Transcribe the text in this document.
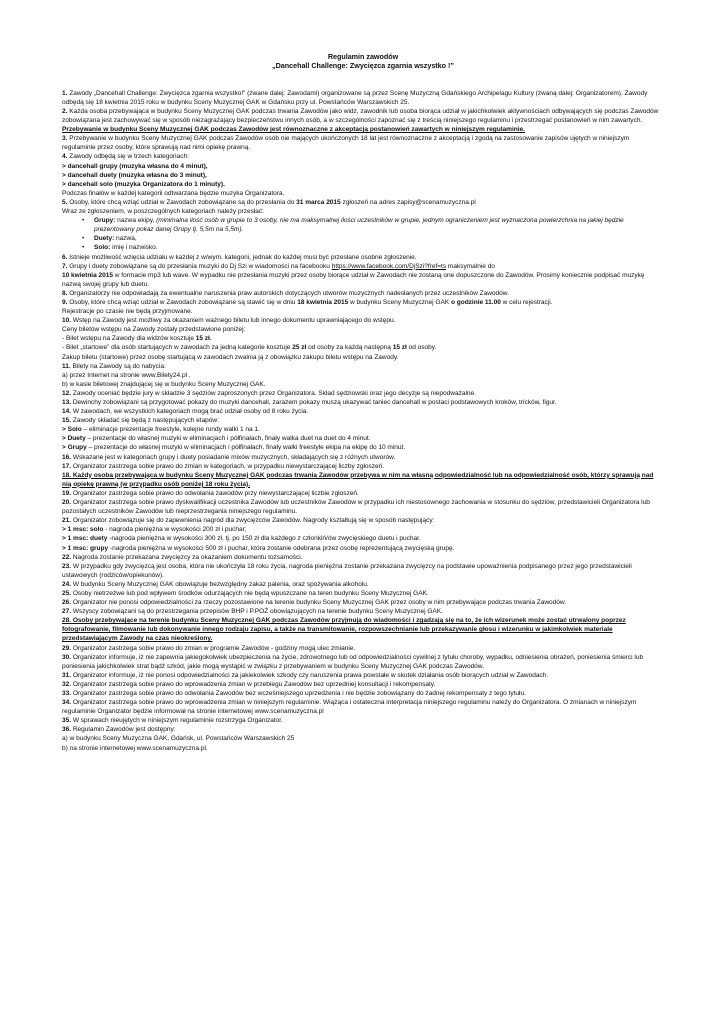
Regulamin zawodów
„Dancehall Challenge: Zwycięzca zgarnia wszystko !”

1. Zawody „Dancehall Challenge: Zwycięzca zgarnia wszystko!” (zwane dalej: Zawodami) organizowane są przez Scenę Muzyczną Gdańskiego Archipelagu Kultury (zwaną dalej: Organizatorem). Zawody odbędą się 18 kwietnia 2015 roku w budynku Sceny Muzycznej GAK w Gdańsku przy ul. Powstańców Warszawskich 25.

2. Każda osoba przebywająca w budynku Sceny Muzycznej GAK podczas trwania Zawodów jako widz, zawodnik lub osoba biorąca udział w jakichkolwiek aktywnościach odbywających się podczas Zawodów zobowiązana jest zachowywać się w sposób niezagrażający bezpieczeństwu innych osób, a w szczególności zapoznać się z treścią niniejszego regulaminu i przestrzegać postanowień w nim zawartych. Przebywanie w budynku Sceny Muzycznej GAK podczas Zawodów jest równoznaczne z akceptacją postanowień zawartych w niniejszym regulaminie.

3. Przebywanie w budynku Sceny Muzycznej GAK podczas Zawodów osób nie mających ukończonych 18 lat jest równoznaczne z akceptacją i zgodą na zastosowanie zapisów ujętych w niniejszym regulaminie przez osoby, które sprawują nad nimi opiekę prawną.

4. Zawody odbędą się w trzech kategoriach:

> dancehall grupy (muzyka własna do 4 minut),

> dancehall duety (muzyka własna do 3 minut),

> dancehall solo (muzyka Organizatora do 1 minuty).

Podczas finałów w każdej kategorii odtwarzana będzie muzyka Organizatora.

5. Osoby, które chcą wziąć udział w Zawodach zobowiązane są do przesłania do 31 marca 2015 zgłoszeń na adres zapisy@scenamuzyczna.pl

Wraz ze zgłoszeniem, w poszczególnych kategoriach należy przesłać:

• Grupy: nazwa ekipy, (minimalna ilość osób w grupie to 3 osoby, nie ma maksymalnej ilości uczestników w grupie, jednym ograniczeniem jest wyznaczona powierzchnia na jakiej będzie prezentowany pokaz danej Grupy tj. 5,5m na 5,5m).
• Duety: nazwa,
• Solo: imię i nazwisko.

6. Istnieje możliwość wzięcia udziału w każdej z w/wym. kategorii, jednak do każdej musi być przesłane osobne zgłoszenie.

7. Grupy i duety zobowiązane są do przesłania muzyki do Dj Szi w wiadomości na facebooku https://www.facebook.com/DjSzi?fref=ts maksymalnie do
10 kwietnia 2015 w formacie mp3 lub wave. W wypadku nie przesłania muzyki przez osoby biorące udział w Zawodach nie zostaną one dopuszczone do Zawodów. Prosimy koniecznie podpisać muzykę nazwą swojej grupy lub duetu.

8. Organizatorzy nie odpowiadają za ewentualne naruszenia praw autorskich dotyczących utworów muzycznych nadesłanych przez uczestników Zawodów.

9. Osoby, które chcą wziąć udział w Zawodach zobowiązane są stawić się w dniu 18 kwietnia 2015 w budynku Sceny Muzycznej GAK o godzinie 11.00 w celu rejestracji.

Rejestracje po czasie nie będą przyjmowane.

10. Wstęp na Zawody jest możliwy za okazaniem ważnego biletu lub innego dokumentu uprawniającego do wstępu.

Ceny biletów wstępu na Zawody zostały przedstawione poniżej:

- Bilet wstępu na Zawody dla widzów kosztuje 15 zł.

- Bilet „startowe” dla osób startujących w zawodach za jedną kategorie kosztuje 25 zł od osoby za każdą następną 15 zł od osoby.

Zakup biletu (startowe) przez osobę startującą w zawodach zwalnia ją z obowiązku zakupu biletu wstępu na Zawody.

11. Bilety na Zawody są do nabycia:

a) przez Internet na stronie www.Bilety24.pl ,

b) w kasie biletowej znajdującej się w budynku Sceny Muzycznej GAK.

12. Zawody oceniać będzie jury w składzie 3 sędziów zaproszonych przez Organizatora. Skład sędziowski oraz jego decyzje są niepodważalne.

13. Dewinchy zobowiązani są przygotować pokazy do muzyki dancehall, zarazem pokazy muszą ukazywać taniec dancehall w postaci podstawowych kroków, tricków, figur.

14. W zawodach, we wszystkich kategoriach mogą brać udział osoby od 8 roku życia.

15. Zawody składać się będą z następujących etapów:

> Solo – eliminacje prezentacje freestyle, kolejne rundy walki 1 na 1.

> Duety – prezentacje do własnej muzyki w eliminacjach i półfinałach, finały walka duet na duet do 4 minut.

> Grupy – prezentacje do własnej muzyki w eliminacjach i półfinałach, finały walki freestyle ekipa na ekipę do 10 minut.

16. Wskazane jest w kategoriach grupy i duety posiadanie mixów muzycznych, składających się z różnych utworów.

17. Organizator zastrzega sobie prawo do zmian w kategoriach, w przypadku niewystarczającej liczby zgłoszeń.

18. Każdy osoba przebywająca w budynku Sceny Muzycznej GAK podczas trwania Zawodów przebywa w nim na własną odpowiedzialność lub na odpowiedzialność osób, którzy sprawują nad nią opiekę prawną (w przypadku osób poniżej 18 roku życia).

19. Organizator zastrzega sobie prawo do odwołania zawodów przy niewystarczającej liczbie zgłoszeń.

20. Organizator zastrzega sobie prawo dyskwalifikacji uczestnika Zawodów lub uczestników Zawodów w przypadku ich niestosownego zachowania w stosunku do sędziów, przedstawicieli Organizatora lub pozostałych uczestników Zawodów lub nieprzestrzegania niniejszego regulaminu.

21. Organizator zobowiązuje się do zapewnienia nagród dla zwycięzców Zawodów. Nagrody kształtują się w sposób następujący:

> 1 msc: solo - nagroda pieniężna w wysokości 200 zł i puchar;

> 1 msc: duety -nagroda pieniężna w wysokości 300 zł, tj. po 150 zł dla każdego z członkiń/ów zwycięskiego duetu i puchar.

> 1 msc: grupy -nagroda pieniężna w wysokości 500 zł i puchar, która zostanie odebrana przez osobę reprezentującą zwycięską grupę.

22. Nagroda zostanie przekazana zwycięzcy za okazaniem dokumentu tożsamości.

23. W przypadku gdy zwycięzcą jest osoba, która nie ukończyła 18 roku życia, nagroda pieniężna zostanie przekazana zwycięzcy na podstawie upoważnienia podpisanego przez jego przedstawicieli ustawowych (rodziców/opiekunów).

24. W budynku Sceny Muzycznej GAK obowiązuje bezwzględny zakaz palenia, oraz spożywania alkoholu.

25. Osoby nietrzeźwe lub pod wpływem środków odurzających nie będą wpuszczane na teren budynku Sceny Muzycznej GAK.

26. Organizator nie ponosi odpowiedzialności za rzeczy pozostawione na terenie budynku Sceny Muzycznej GAK przez osoby w nim przebywające podczas trwania Zawodów.

27. Wszyscy zobowiązani są do przestrzegania przepisów BHP i P.POŻ obowiązujących na terenie budynku Sceny Muzycznej GAK.

28. Osoby przebywające na terenie budynku Sceny Muzycznej GAK podczas Zawodów przyjmują do wiadomości i zgadzają się na to, że ich wizerunek może zostać utrwalony poprzez fotografowanie, filmowanie lub dokonywanie innego rodzaju zapisu, a także na transmitowanie, rozpowszechnianie lub przekazywanie głosu i wizerunku w jakimkolwiek materiale przedstawiającym Zawody na czas nieokreślony.

29. Organizator zastrzega sobie prawo do zmian w programie Zawodów - godziny mogą ulec zmianie.

30. Organizator informuje, iż nie zapewnia jakiegokolwiek ubezpieczenia na życie, zdrowotnego lub od odpowiedzialności cywilnej z tytułu choroby, wypadku, odniesienia obrażeń, poniesienia śmierci lub poniesienia jakichkolwiek strat bądź szkód, jakie mogą wystąpić w związku z przebywaniem w budynku Sceny Muzycznej GAK podczas Zawodów.

31. Organizator informuje, iż nie ponosi odpowiedzialności za jakiekolwiek szkody czy naruszenia prawa powstałe w skutek działania osób biorących udział w Zawodach.

32. Organizator zastrzega sobie prawo do wprowadzenia zmian w przebiegu Zawodów bez uprzedniej konsultacji i rekompensaty.

33. Organizator zastrzega sobie prawo do odwołania Zawodów bez wcześniejszego uprzedzenia i nie będzie zobowiązany do żadnej rekompensaty z tego tytułu.

34. Organizator zastrzega sobie prawo do wprowadzenia zmian w niniejszym regulaminie. Wiążąca i ostateczna interpretacja niniejszego regulaminu należy do Organizatora. O zmianach w niniejszym regulaminie Organizator będzie informował na stronie internetowej www.scenamuzyczna.pl

35. W sprawach nieujętych w niniejszym regulaminie rozstrzyga Organizator.

36. Regulamin Zawodów jest dostępny:

a) w budynku Sceny Muzyczna GAK, Gdańsk, ul. Powstańców Warszawskich 25

b) na stronie internetowej www.scenamuzyczna.pl.
